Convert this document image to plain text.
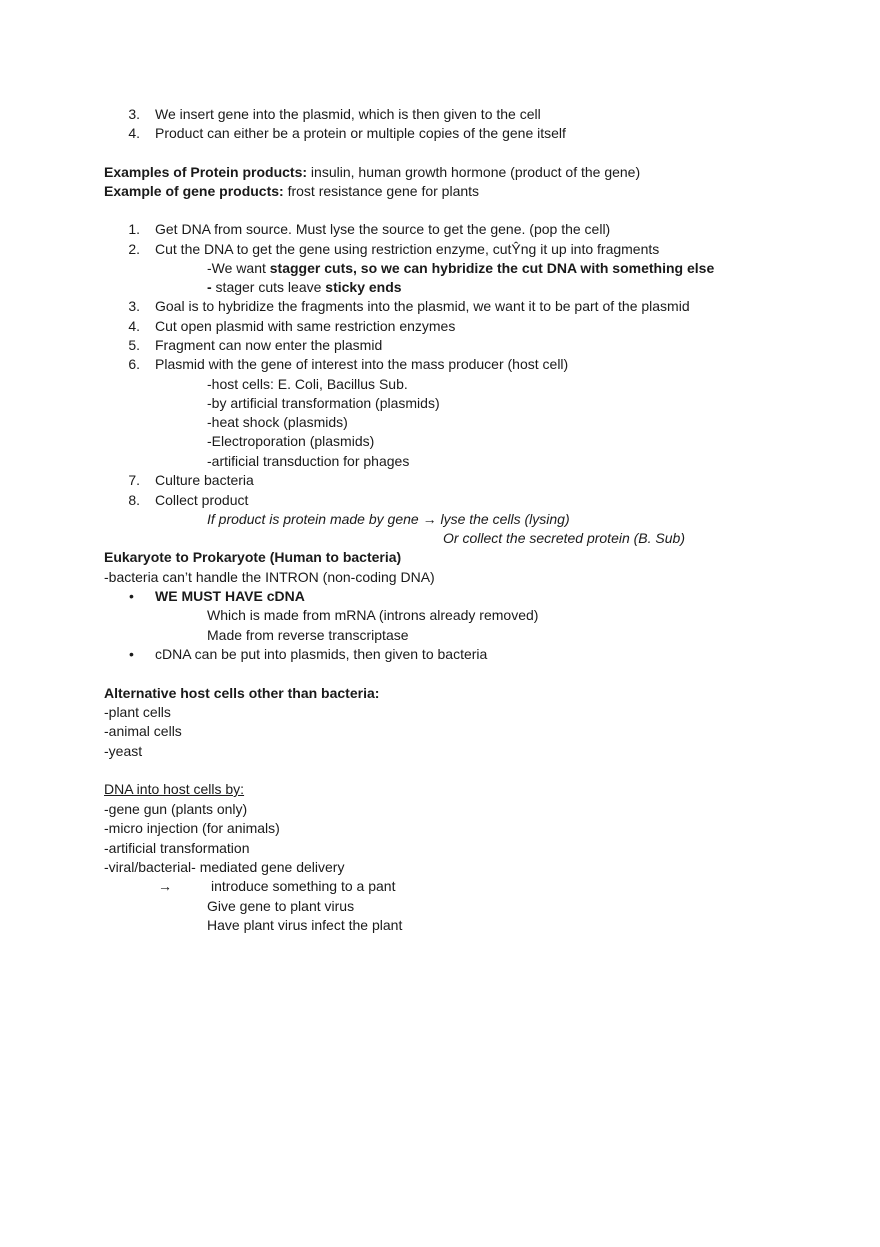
3. We insert gene into the plasmid, which is then given to the cell
4. Product can either be a protein or multiple copies of the gene itself
Examples of Protein products: insulin, human growth hormone (product of the gene)
Example of gene products: frost resistance gene for plants
1. Get DNA from source. Must lyse the source to get the gene. (pop the cell)
2. Cut the DNA to get the gene using restriction enzyme, cutŶng it up into fragments
-We want stagger cuts, so we can hybridize the cut DNA with something else
- stager cuts leave sticky ends
3. Goal is to hybridize the fragments into the plasmid, we want it to be part of the plasmid
4. Cut open plasmid with same restriction enzymes
5. Fragment can now enter the plasmid
6. Plasmid with the gene of interest into the mass producer (host cell)
-host cells: E. Coli, Bacillus Sub.
-by artificial transformation (plasmids)
-heat shock (plasmids)
-Electroporation (plasmids)
-artificial transduction for phages
7. Culture bacteria
8. Collect product
If product is protein made by gene → lyse the cells (lysing)
Or collect the secreted protein (B. Sub)
Eukaryote to Prokaryote (Human to bacteria)
-bacteria can’t handle the INTRON (non-coding DNA)
• WE MUST HAVE cDNA
Which is made from mRNA (introns already removed)
Made from reverse transcriptase
• cDNA can be put into plasmids, then given to bacteria
Alternative host cells other than bacteria:
-plant cells
-animal cells
-yeast
DNA into host cells by:
-gene gun (plants only)
-micro injection (for animals)
-artificial transformation
-viral/bacterial- mediated gene delivery
→	introduce something to a pant
Give gene to plant virus
Have plant virus infect the plant
